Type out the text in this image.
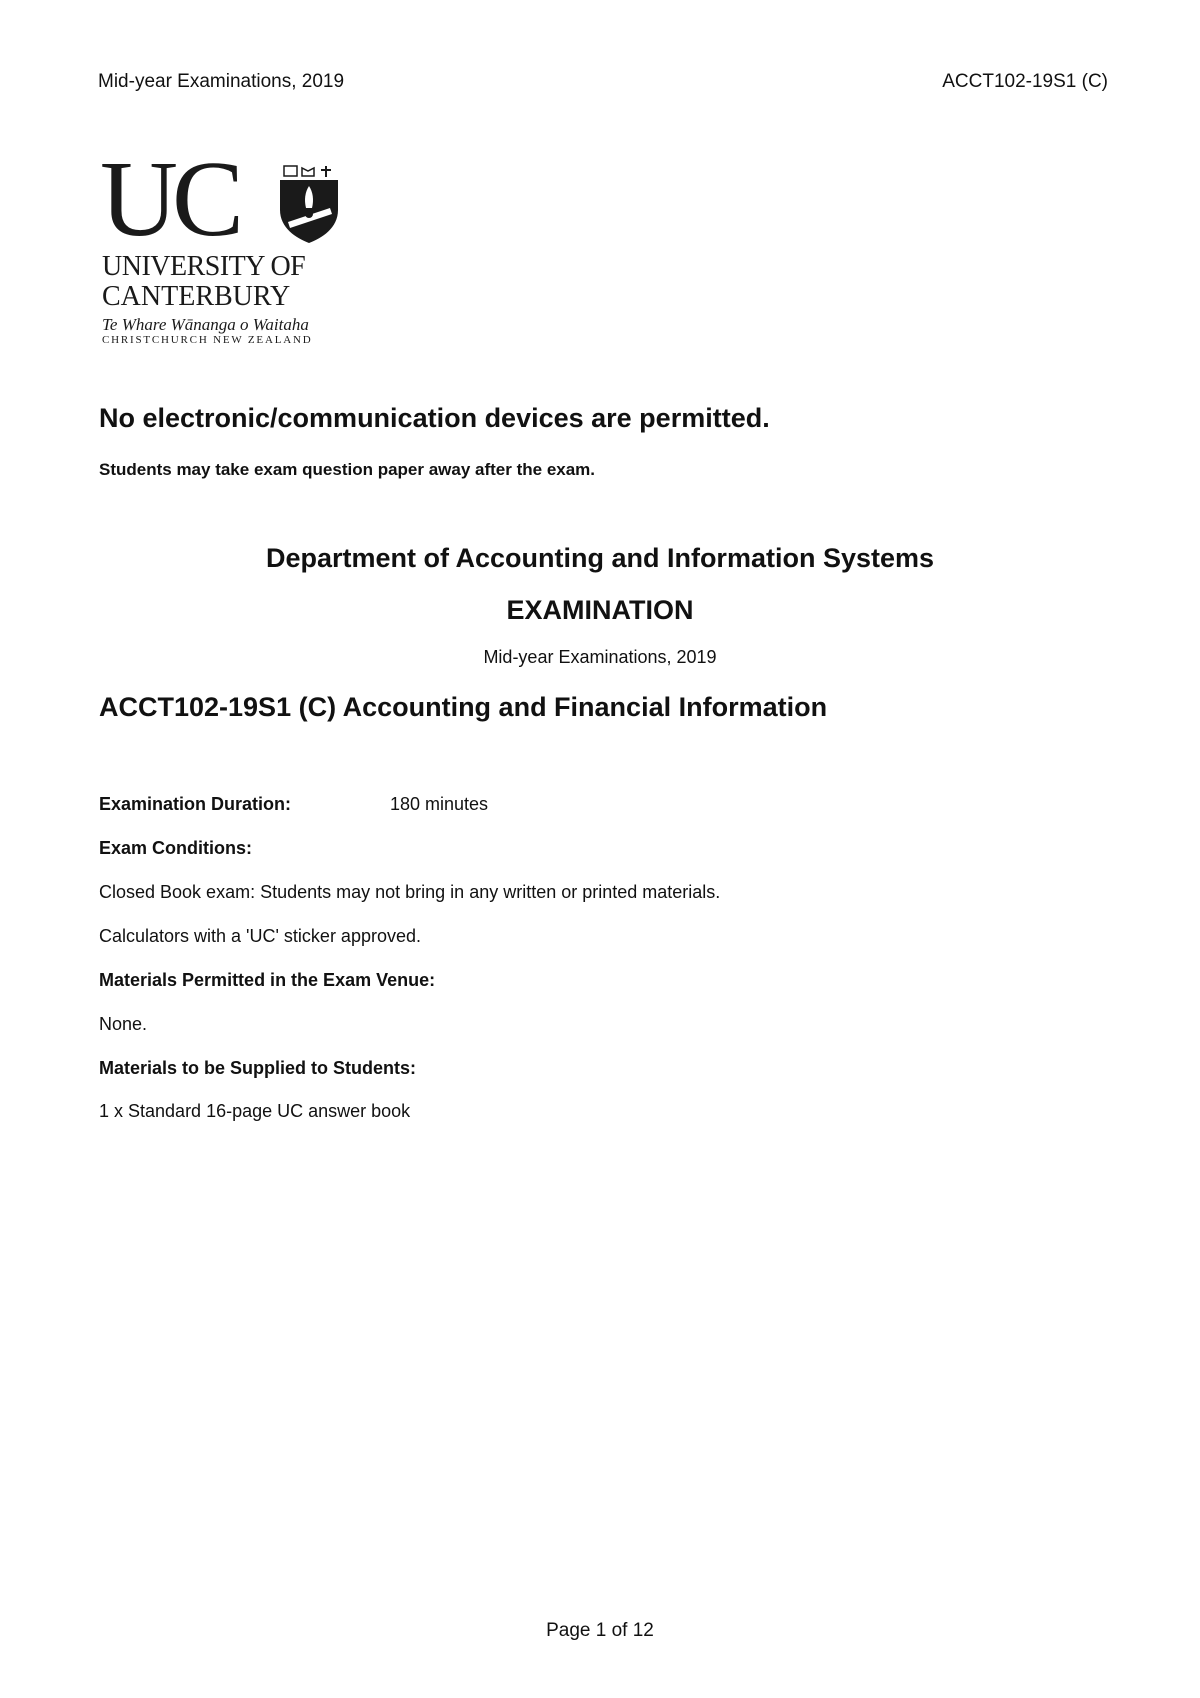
Mid-year Examinations, 2019	ACCT102-19S1 (C)
UC
UNIVERSITY OF
CANTERBURY
Te Whare Wānanga o Waitaha
CHRISTCHURCH NEW ZEALAND
No electronic/communication devices are permitted.
Students may take exam question paper away after the exam.
Department of Accounting and Information Systems
EXAMINATION
Mid-year Examinations, 2019
ACCT102-19S1 (C) Accounting and Financial Information
Examination Duration:	180 minutes
Exam Conditions:
Closed Book exam: Students may not bring in any written or printed materials.
Calculators with a 'UC' sticker approved.
Materials Permitted in the Exam Venue:
None.
Materials to be Supplied to Students:
1 x Standard 16-page UC answer book
Page 1 of 12
